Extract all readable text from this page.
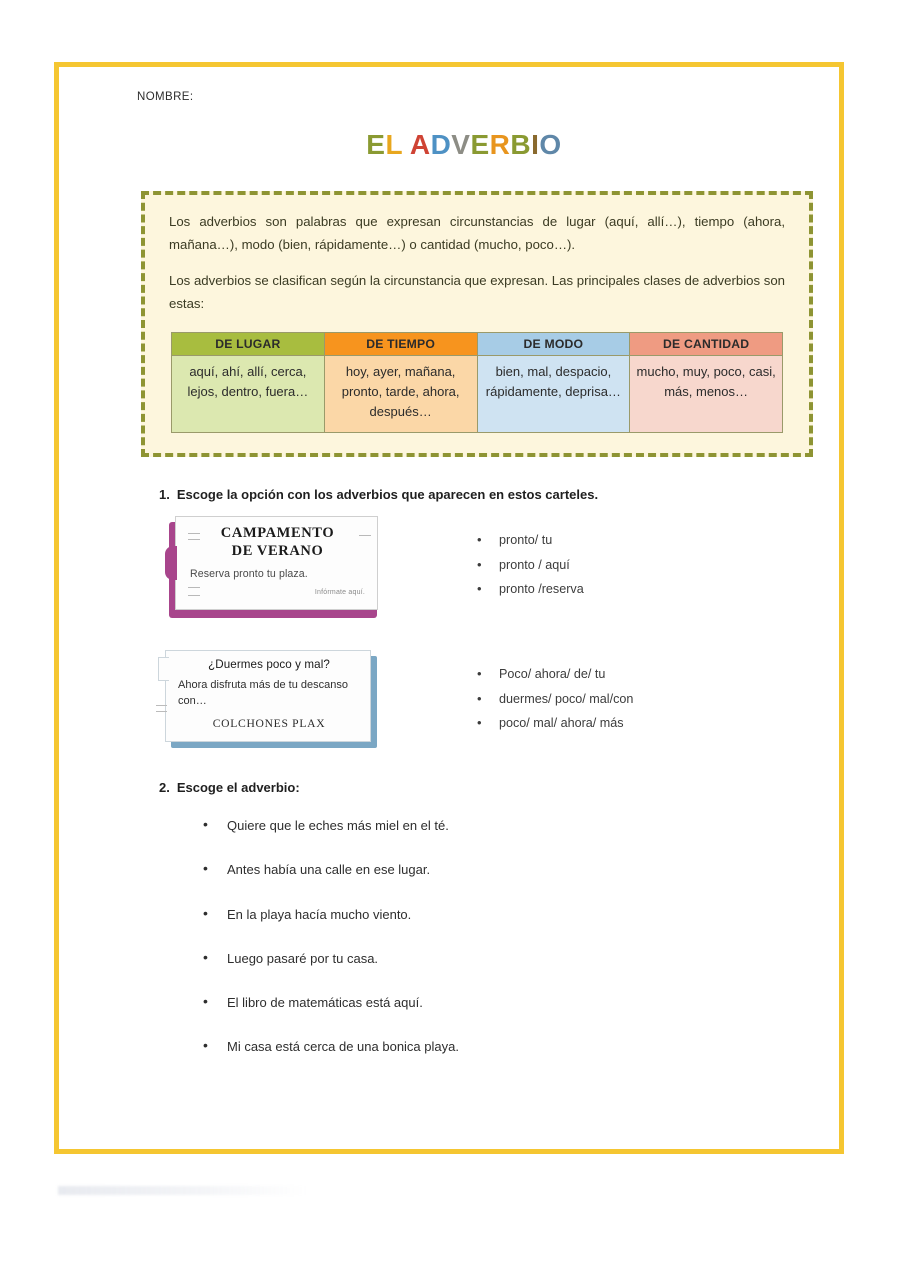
NOMBRE:
EL ADVERBIO

Los adverbios son palabras que expresan circunstancias de lugar (aquí, allí…), tiempo (ahora, mañana…), modo (bien, rápidamente…) o cantidad (mucho, poco…).

Los adverbios se clasifican según la circunstancia que expresan. Las principales clases de adverbios son estas:

DE LUGAR	DE TIEMPO	DE MODO	DE CANTIDAD
aquí, ahí, allí, cerca, lejos, dentro, fuera…	hoy, ayer, mañana, pronto, tarde, ahora, después…	bien, mal, despacio, rápidamente, deprisa…	mucho, muy, poco, casi, más, menos…
1. Escoge la opción con los adverbios que aparecen en estos carteles.
CAMPAMENTO
DE VERANO
Reserva pronto tu plaza.
Infórmate aquí.
• pronto/ tu
• pronto / aquí
• pronto /reserva
¿Duermes poco y mal?
Ahora disfruta más de tu descanso con…
COLCHONES PLAX
• Poco/ ahora/ de/ tu
• duermes/ poco/ mal/con
• poco/ mal/ ahora/ más
2. Escoge el adverbio:
• Quiere que le eches más miel en el té.
• Antes había una calle en ese lugar.
• En la playa hacía mucho viento.
• Luego pasaré por tu casa.
• El libro de matemáticas está aquí.
• Mi casa está cerca de una bonica playa.
